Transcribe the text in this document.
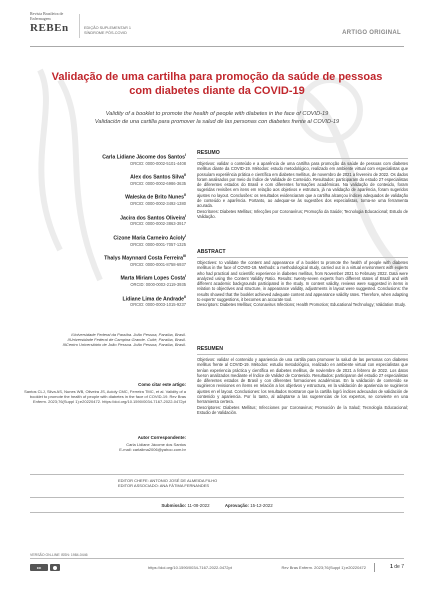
Revista Brasileira de Enfermagem
REBEn	EDIÇÃO SUPLEMENTAR 1
SÍNDROME PÓS-COVID	ARTIGO ORIGINAL
Validação de uma cartilha para promoção da saúde de pessoas com diabetes diante da COVID-19
Validity of a booklet to promote the health of people with diabetes in the face of COVID-19
Validación de una cartilla para promover la salud de las personas con diabetes frente al COVID-19
Carla Lidiane Jácome dos Santos$^I$
ORCID: 0000-0002-5101-4408
Alex dos Santos Silva$^{II}$
ORCID: 0000-0002-6986-3635
Waleska de Brito Nunes$^{II}$
ORCID: 0000-0002-3492-1380
Jacira dos Santos Oliveira$^I$
ORCID: 0000-0002-3863-3917
Cizone Maria Carneiro Acioly$^I$
ORCID: 0000-0001-7057-1325
Thalys Maynnard Costa Ferreira$^{III}$
ORCID: 0000-0001-8758-6937
Marta Miriam Lopes Costa$^I$
ORCID: 0000-0002-2119-3935
Lidiane Lima de Andrade$^{II}$
ORCID: 0000-0003-1015-9237
IUniversidade Federal da Paraíba. João Pessoa, Paraíba, Brasil.
IIUniversidade Federal de Campina Grande. Cuité, Paraíba, Brasil.
IIICentro Universitário de João Pessoa. João Pessoa, Paraíba, Brasil.
Como citar este artigo:
Santos CLJ, Silva AS, Nunes WB, Oliveira JS, Acioly CMC, Ferreira TMC, et al. Validity of a booklet to promote the health of people with diabetes in the face of COVID-19. Rev Bras Enferm. 2023;76(Suppl 1):e20220472. https://doi.org/10.1590/0034-7167-2022-0472pt
Autor Correspondente:
Carla Lidiane Jácome dos Santos
E-mail: carlalima2006@yahoo.com.br
RESUMO
Objetivos: validar o conteúdo e a aparência de uma cartilha para promoção da saúde de pessoas com diabetes mellitus diante da COVID-19. Métodos: estudo metodológico, realizado em ambiente virtual com especialistas que possuíam experiência prática e científica em diabetes mellitus, de novembro de 2021 a fevereiro de 2022. Os dados foram analisados por meio do Índice de Validade de Conteúdo. Resultados: participaram do estudo 27 especialistas de diferentes estados do Brasil e com diferentes formações acadêmicas. Na validação de conteúdo, foram sugeridas revisões em itens em relação aos objetivos e estrutura, já na validação de aparência, foram sugeridos ajustes no layout. Conclusões: os resultados evidenciaram que a cartilha alcançou índices adequados de validação de conteúdo e aparência. Portanto, ao adequar-se às sugestões dos especialistas, torna-se uma ferramenta acurada.
Descritores: Diabetes Mellitus; Infecções por Coronavírus; Promoção da Saúde; Tecnologia Educacional; Estudo de Validação.
ABSTRACT
Objectives: to validate the content and appearance of a booklet to promote the health of people with diabetes mellitus in the face of COVID-19. Methods: a methodological study, carried out in a virtual environment with experts who had practical and scientific experience in diabetes mellitus, from November 2021 to February 2022. Data were analyzed using the Content Validity Ratio. Results: twenty-seven experts from different states of Brazil and with different academic backgrounds participated in the study. In content validity, reviews were suggested in items in relation to objectives and structure, in appearance validity, adjustments in layout were suggested. Conclusions: the results showed that the booklet achieved adequate content and appearance validity rates. Therefore, when adapting to experts' suggestions, it becomes an accurate tool.
Descriptors: Diabetes Mellitus; Coronavirus Infections; Health Promotion; Educational Technology; Validation Study.
RESUMEN
Objetivos: validar el contenido y apariencia de una cartilla para promover la salud de las personas con diabetes mellitus frente al COVID-19. Métodos: estudio metodológico, realizado en ambiente virtual con especialistas que tenían experiencia práctica y científica en diabetes mellitus, de noviembre de 2021 a febrero de 2022. Los datos fueron analizados mediante el Índice de Validez de Contenido. Resultados: participaron del estudio 27 especialistas de diferentes estados de Brasil y con diferentes formaciones académicas. En la validación de contenido se sugirieron revisiones en ítems en relación a los objetivos y estructura, en la validación de apariencia se sugirieron ajustes en el layout. Conclusiones: los resultados mostraron que la cartilla logró índices adecuados de validación de contenido y apariencia. Por lo tanto, al adaptarse a las sugerencias de los expertos, se convierte en una herramienta certera.
Descriptores: Diabetes Mellitus; Infecciones por Coronavirus; Promoción de la Salud; Tecnología Educacional; Estudio de Validación.
EDITOR CHEFE: ANTONIO JOSÉ DE ALMEIDA FILHO
EDITOR ASSOCIADO: ANA FÁTIMA FERNANDES
Submissão: 11-08-2022	Aprovação: 15-12-2022
VERSÃO ON-LINE ISSN: 1984-0446
cc	https://doi.org/10.1590/0034-7167-2022-0472pt	Rev Bras Enferm. 2023;76(Suppl 1):e20220472	1 de 7
